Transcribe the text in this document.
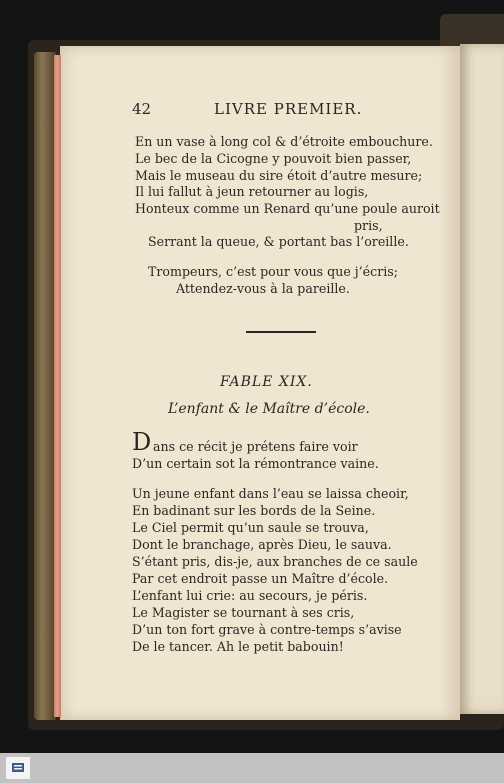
42	LIVRE PREMIER.
En un vase à long col & d’étroite embouchure.
Le bec de la Cicogne y pouvoit bien passer,
Mais le museau du sire étoit d’autre mesure;
Il lui fallut à jeun retourner au logis,
Honteux comme un Renard qu’une poule auroit
pris,
Serrant la queue, & portant bas l’oreille.
Trompeurs, c’est pour vous que j’écris;
Attendez-vous à la pareille.
FABLE XIX.
L’enfant & le Maître d’école.
D ans ce récit je prétens faire voir
D’un certain sot la rémontrance vaine.
Un jeune enfant dans l’eau se laissa cheoir,
En badinant sur les bords de la Seine.
Le Ciel permit qu’un saule se trouva,
Dont le branchage, après Dieu, le sauva.
S’étant pris, dis-je, aux branches de ce saule
Par cet endroit passe un Maître d’école.
L’enfant lui crie: au secours, je péris.
Le Magister se tournant à ses cris,
D’un ton fort grave à contre-temps s’avise
De le tancer. Ah le petit babouin!
